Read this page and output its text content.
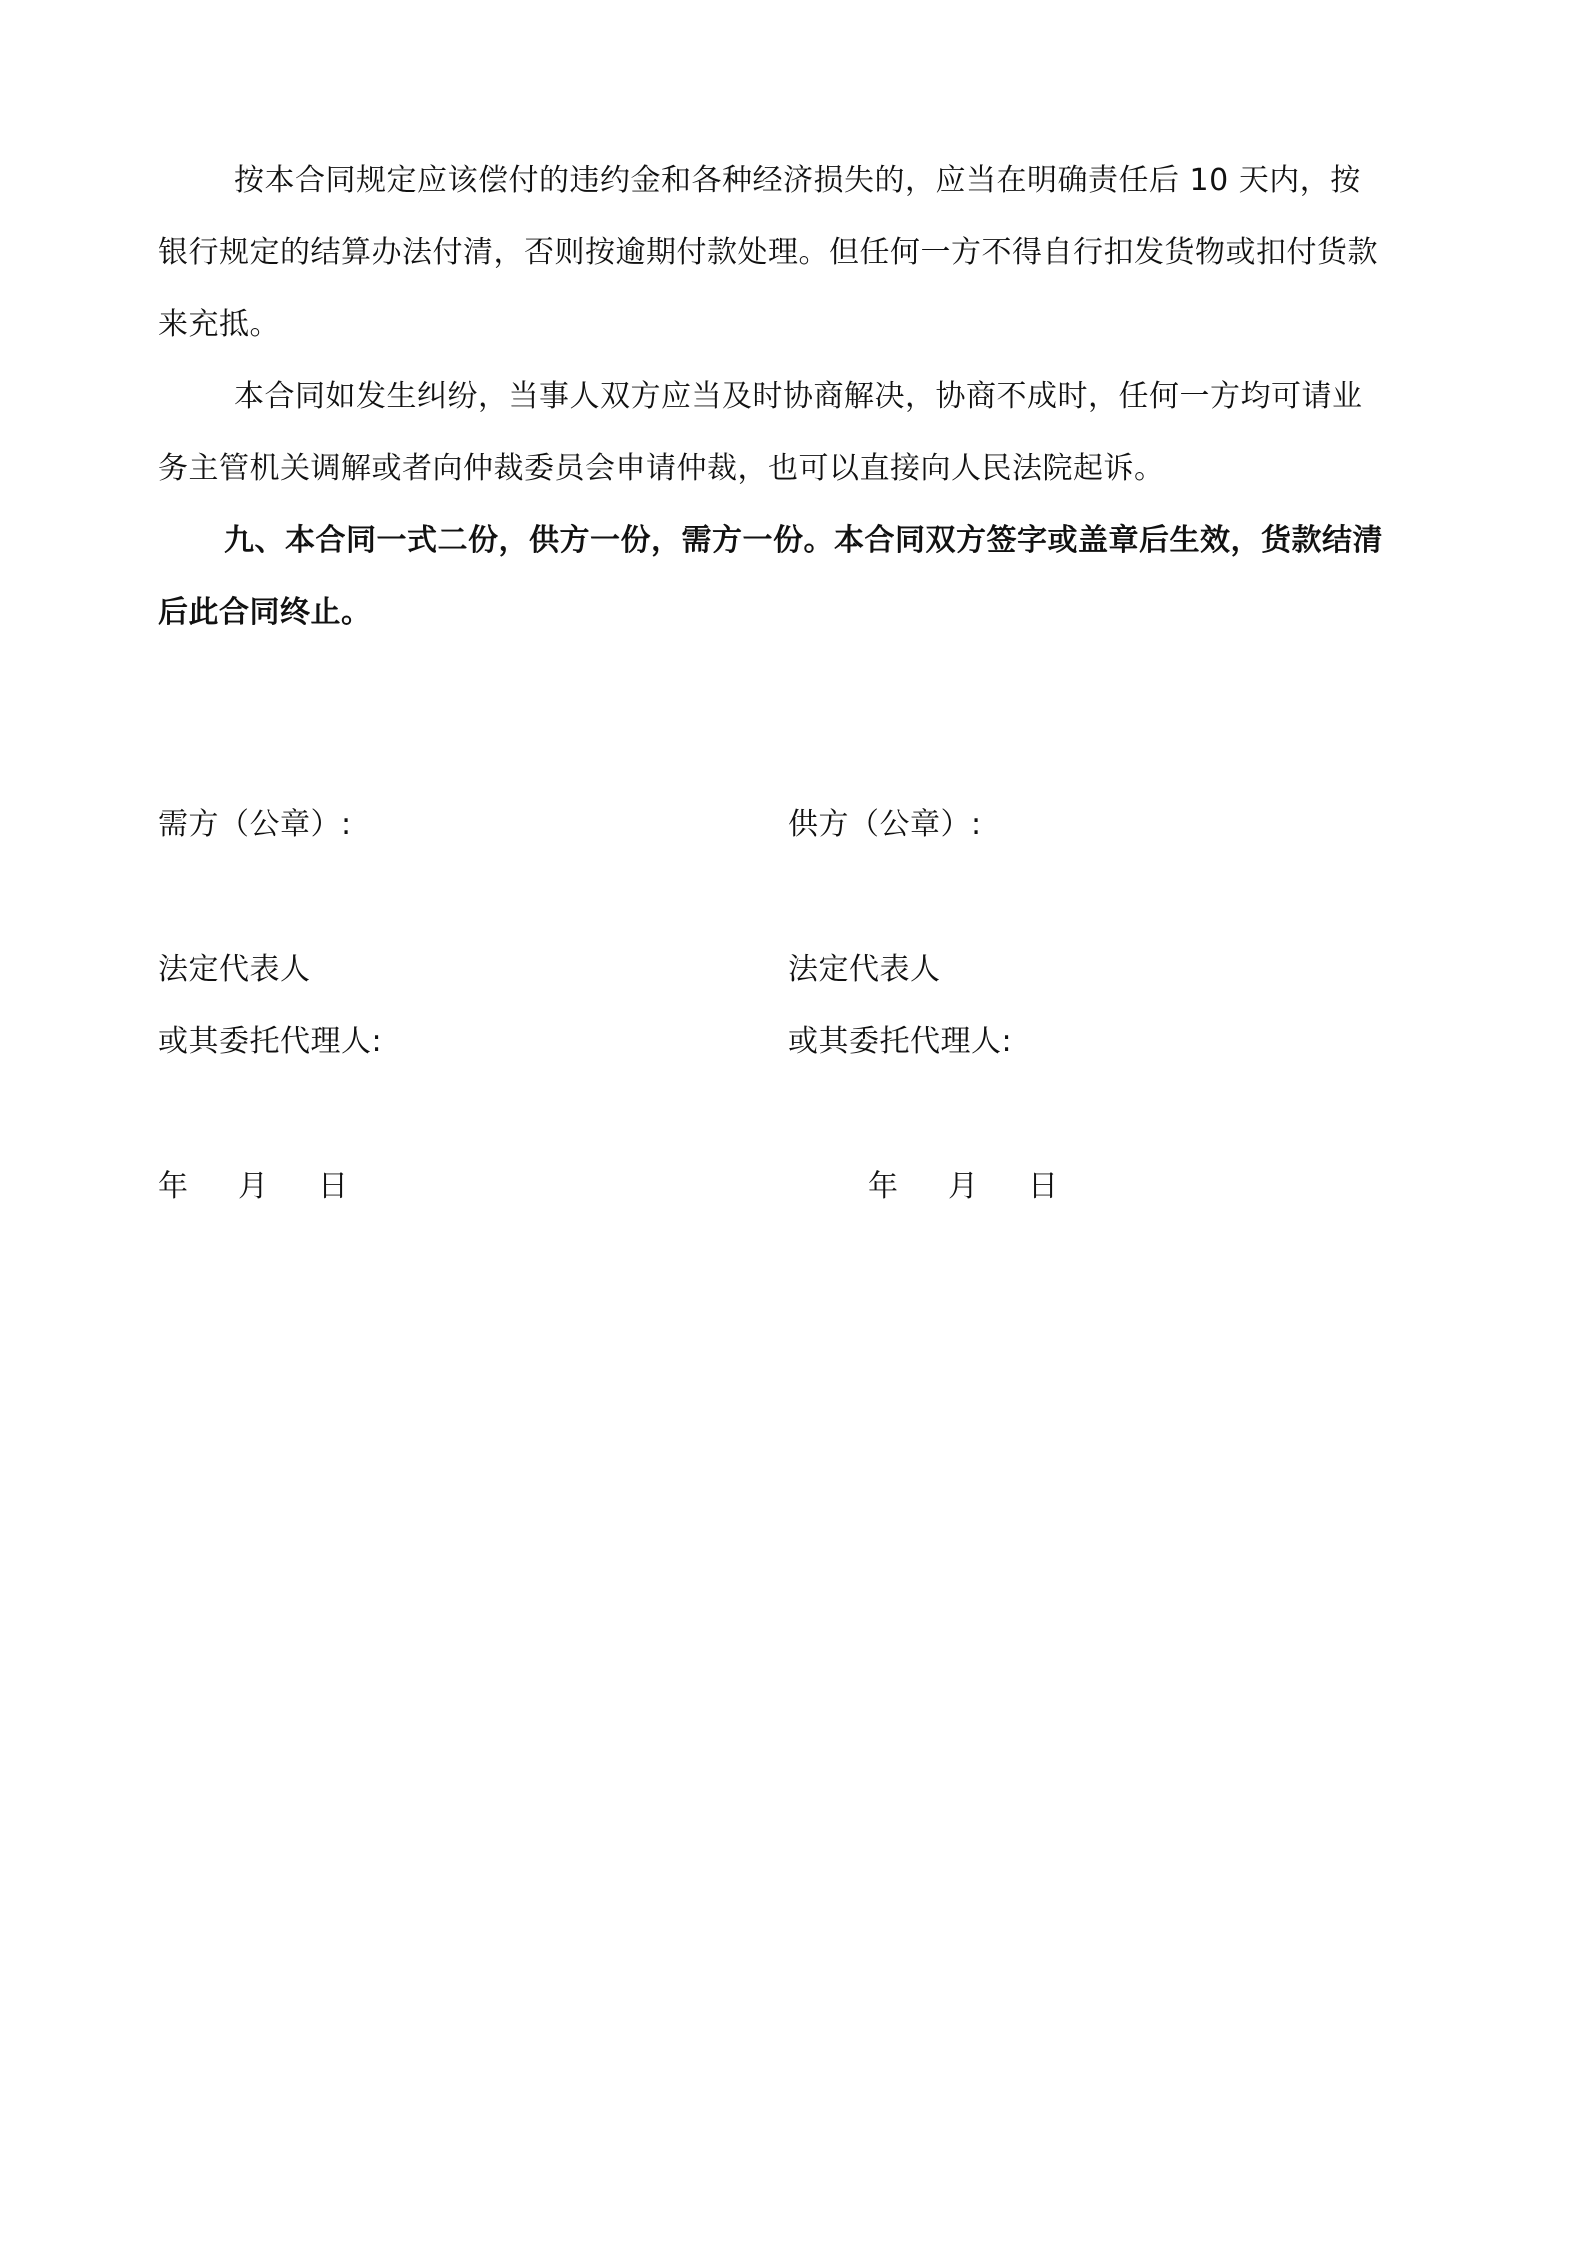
按本合同规定应该偿付的违约金和各种经济损失的，应当在明确责任后 10 天内，按银行规定的结算办法付清，否则按逾期付款处理。但任何一方不得自行扣发货物或扣付货款来充抵。

本合同如发生纠纷，当事人双方应当及时协商解决，协商不成时，任何一方均可请业务主管机关调解或者向仲裁委员会申请仲裁，也可以直接向人民法院起诉。

九、本合同一式二份，供方一份，需方一份。本合同双方签字或盖章后生效，货款结清后此合同终止。

需方（公章）:
法定代表人
或其委托代理人:
年 月 日
供方（公章）:
法定代表人
或其委托代理人:
年 月 日
